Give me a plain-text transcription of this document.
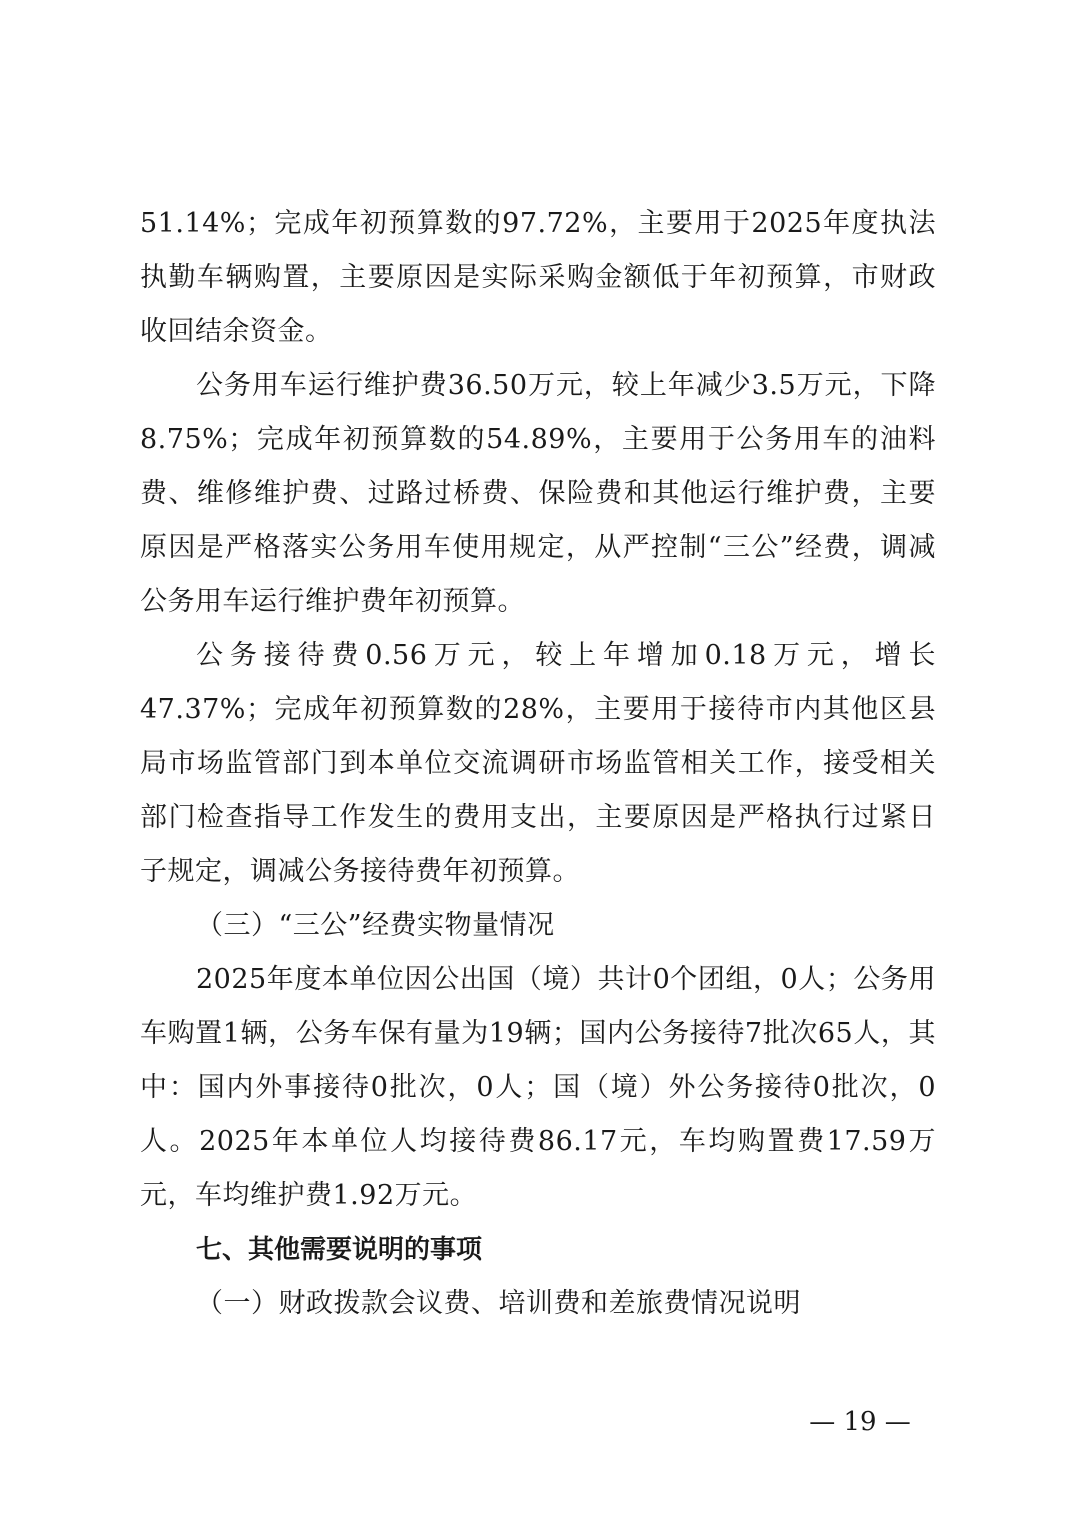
51.14%；完成年初预算数的97.72%，主要用于2025年度执法执勤车辆购置，主要原因是实际采购金额低于年初预算，市财政收回结余资金。

公务用车运行维护费36.50万元，较上年减少3.5万元，下降8.75%；完成年初预算数的54.89%，主要用于公务用车的油料费、维修维护费、过路过桥费、保险费和其他运行维护费，主要原因是严格落实公务用车使用规定，从严控制“三公”经费，调减公务用车运行维护费年初预算。

公务接待费0.56万元，较上年增加0.18万元，增长47.37%；完成年初预算数的28%，主要用于接待市内其他区县局市场监管部门到本单位交流调研市场监管相关工作，接受相关部门检查指导工作发生的费用支出，主要原因是严格执行过紧日子规定，调减公务接待费年初预算。

（三）“三公”经费实物量情况

2025年度本单位因公出国（境）共计0个团组，0人；公务用车购置1辆，公务车保有量为19辆；国内公务接待7批次65人，其中：国内外事接待0批次，0人；国（境）外公务接待0批次，0人。2025年本单位人均接待费86.17元，车均购置费17.59万元，车均维护费1.92万元。

七、其他需要说明的事项

（一）财政拨款会议费、培训费和差旅费情况说明

— 19 —
